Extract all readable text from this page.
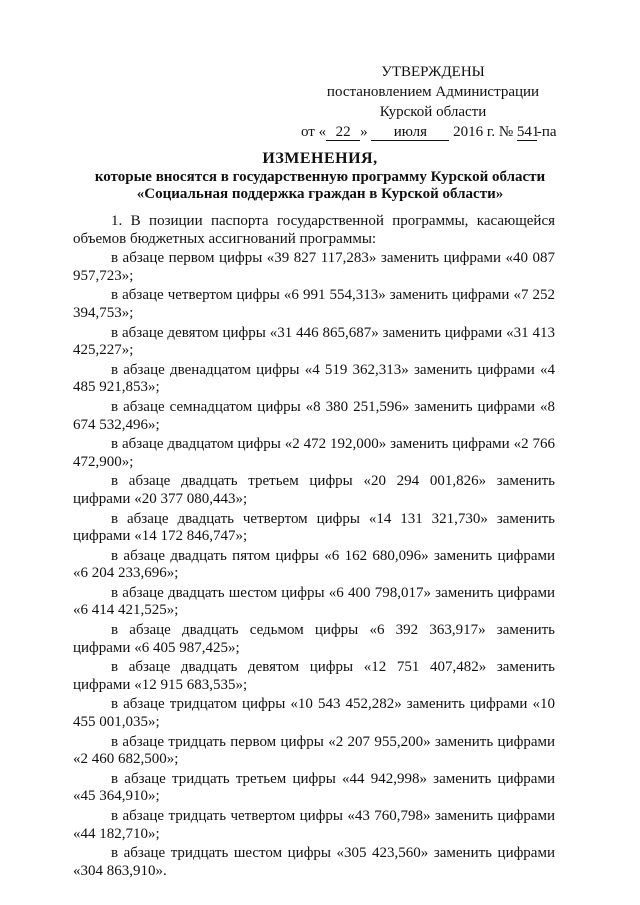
УТВЕРЖДЕНЫ
постановлением Администрации
Курской области
от « 22 » июля 2016 г. № 541-па
ИЗМЕНЕНИЯ,
которые вносятся в государственную программу Курской области
«Социальная поддержка граждан в Курской области»

1. В позиции паспорта государственной программы, касающейся объемов бюджетных ассигнований программы:

в абзаце первом цифры «39 827 117,283» заменить цифрами «40 087 957,723»;

в абзаце четвертом цифры «6 991 554,313» заменить цифрами «7 252 394,753»;

в абзаце девятом цифры «31 446 865,687» заменить цифрами «31 413 425,227»;

в абзаце двенадцатом цифры «4 519 362,313» заменить цифрами «4 485 921,853»;

в абзаце семнадцатом цифры «8 380 251,596» заменить цифрами «8 674 532,496»;

в абзаце двадцатом цифры «2 472 192,000» заменить цифрами «2 766 472,900»;

в абзаце двадцать третьем цифры «20 294 001,826» заменить цифрами «20 377 080,443»;

в абзаце двадцать четвертом цифры «14 131 321,730» заменить цифрами «14 172 846,747»;

в абзаце двадцать пятом цифры «6 162 680,096» заменить цифрами «6 204 233,696»;

в абзаце двадцать шестом цифры «6 400 798,017» заменить цифрами «6 414 421,525»;

в абзаце двадцать седьмом цифры «6 392 363,917» заменить цифрами «6 405 987,425»;

в абзаце двадцать девятом цифры «12 751 407,482» заменить цифрами «12 915 683,535»;

в абзаце тридцатом цифры «10 543 452,282» заменить цифрами «10 455 001,035»;

в абзаце тридцать первом цифры «2 207 955,200» заменить цифрами «2 460 682,500»;

в абзаце тридцать третьем цифры «44 942,998» заменить цифрами «45 364,910»;

в абзаце тридцать четвертом цифры «43 760,798» заменить цифрами «44 182,710»;

в абзаце тридцать шестом цифры «305 423,560» заменить цифрами «304 863,910».
